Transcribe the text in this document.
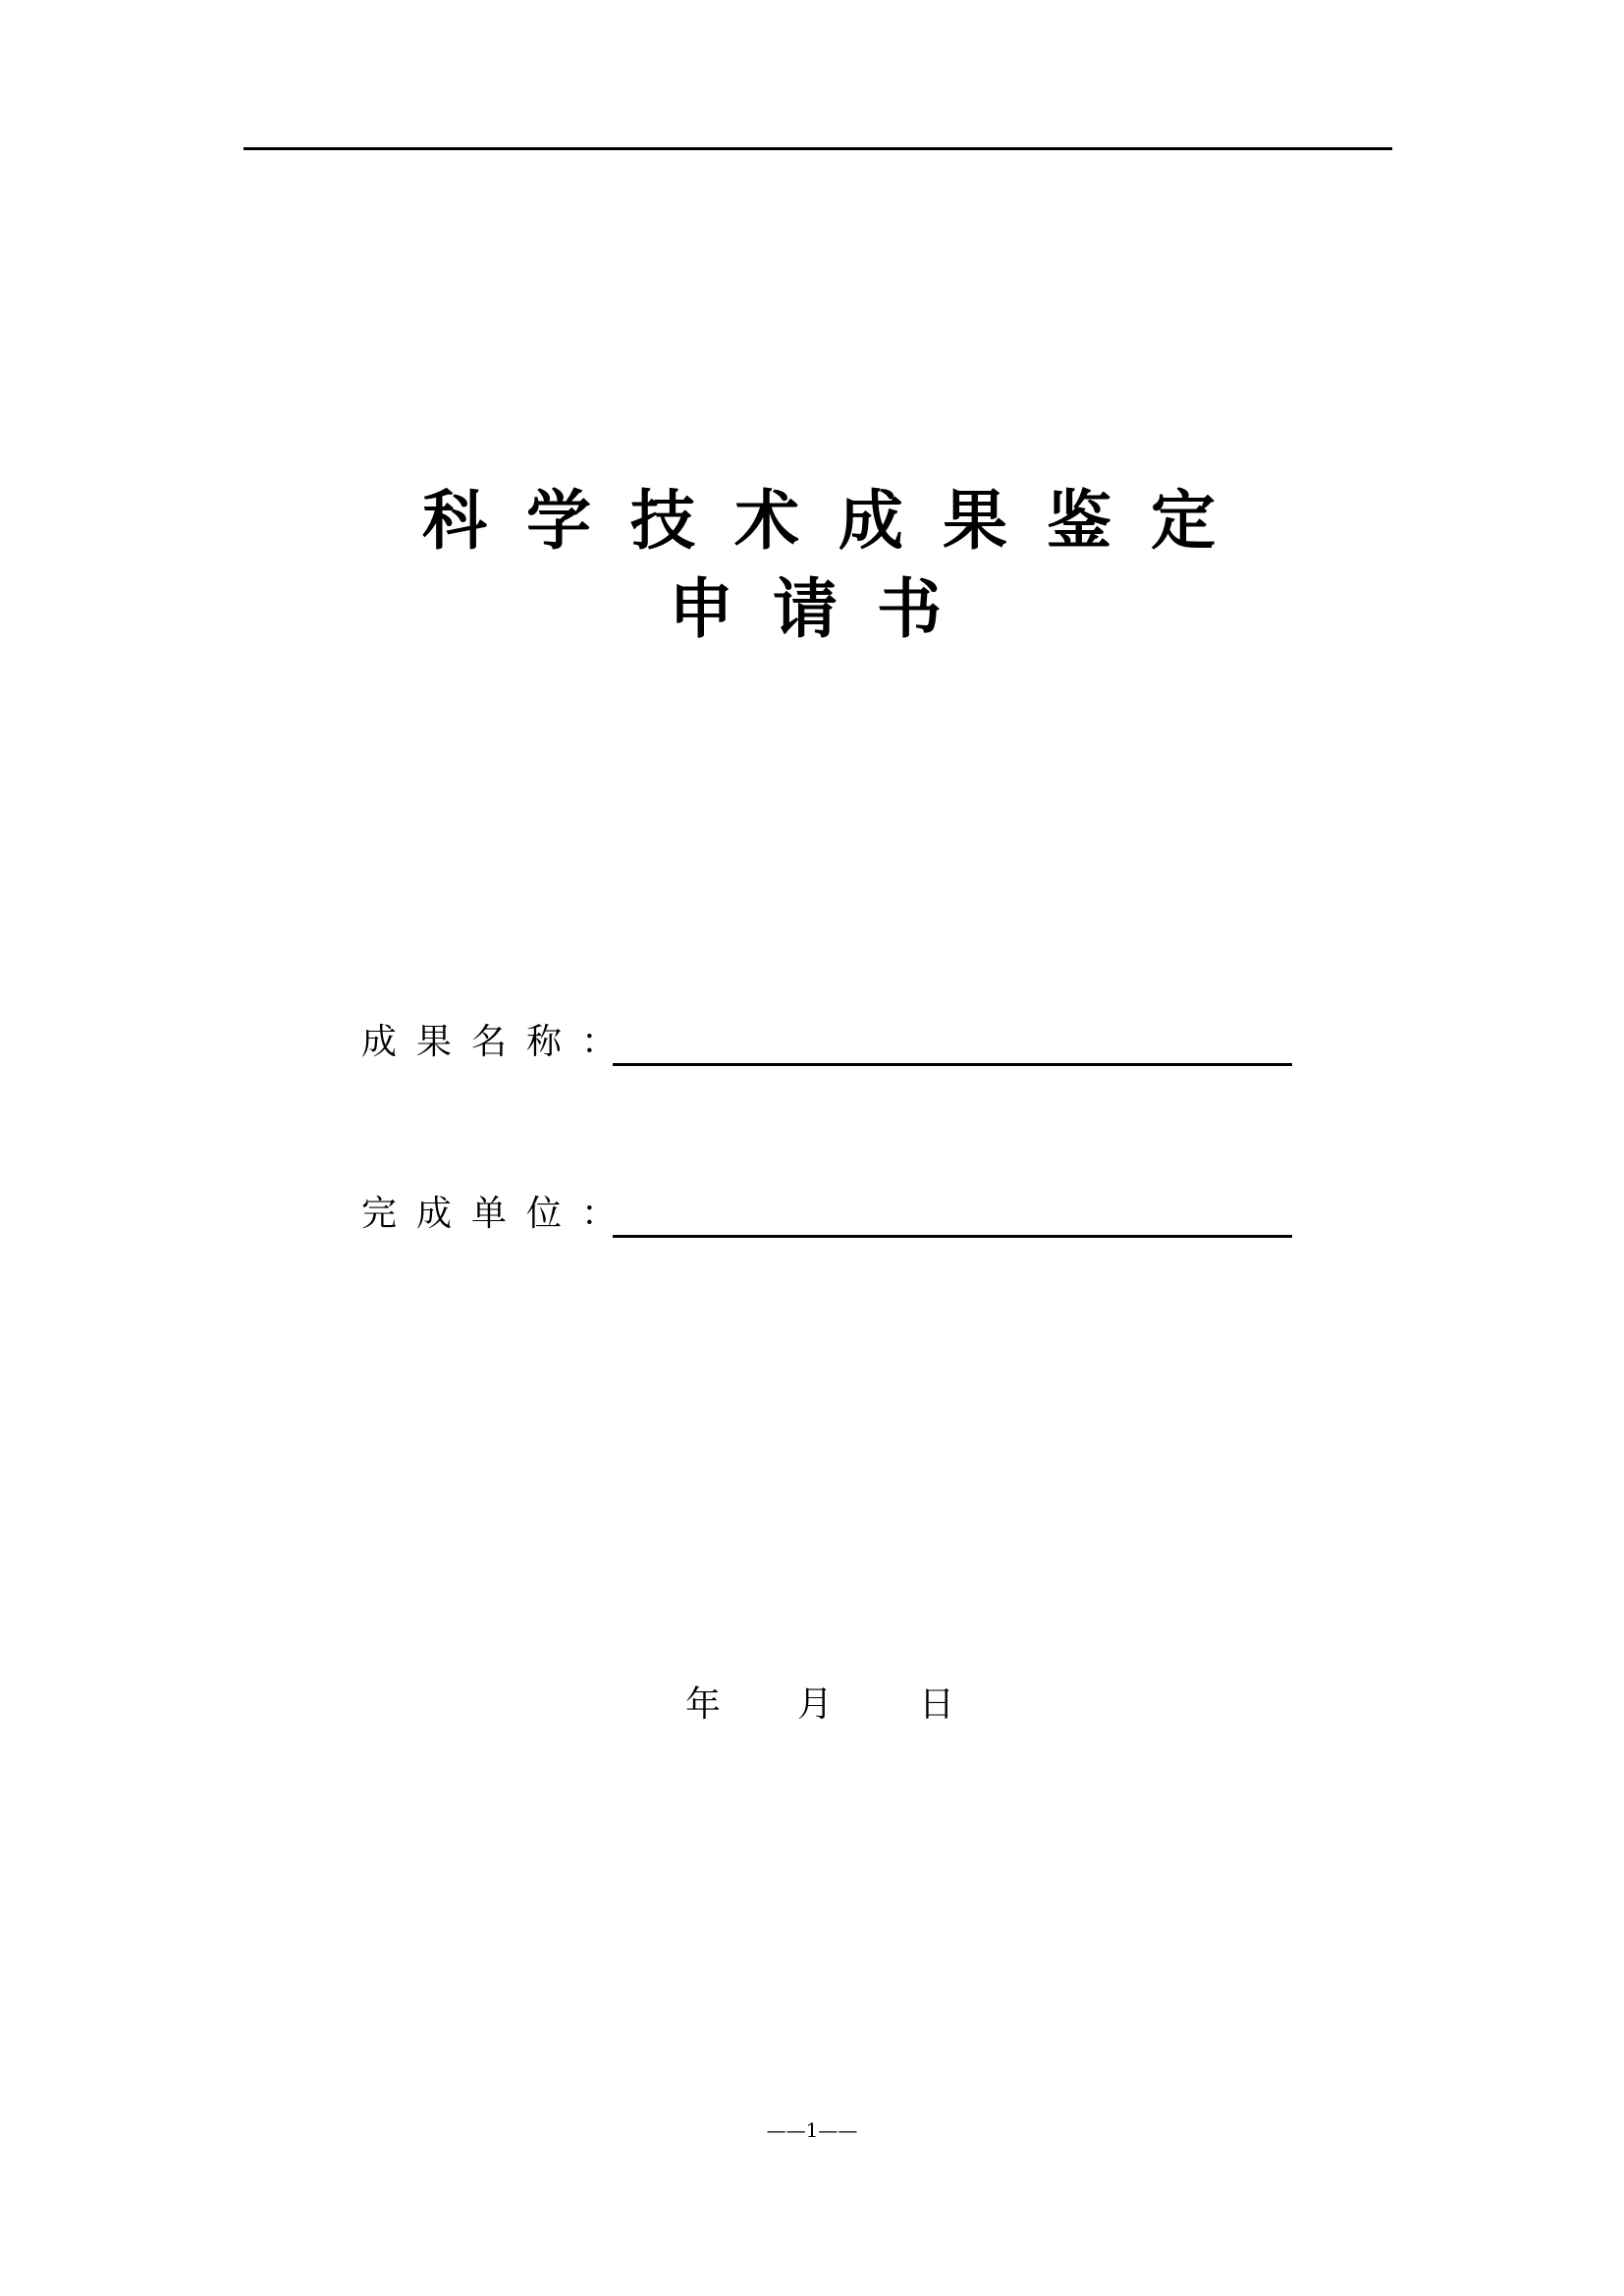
科学技术成果鉴定
申请书
成果名称：
完成单位：
年 月 日
——1——
